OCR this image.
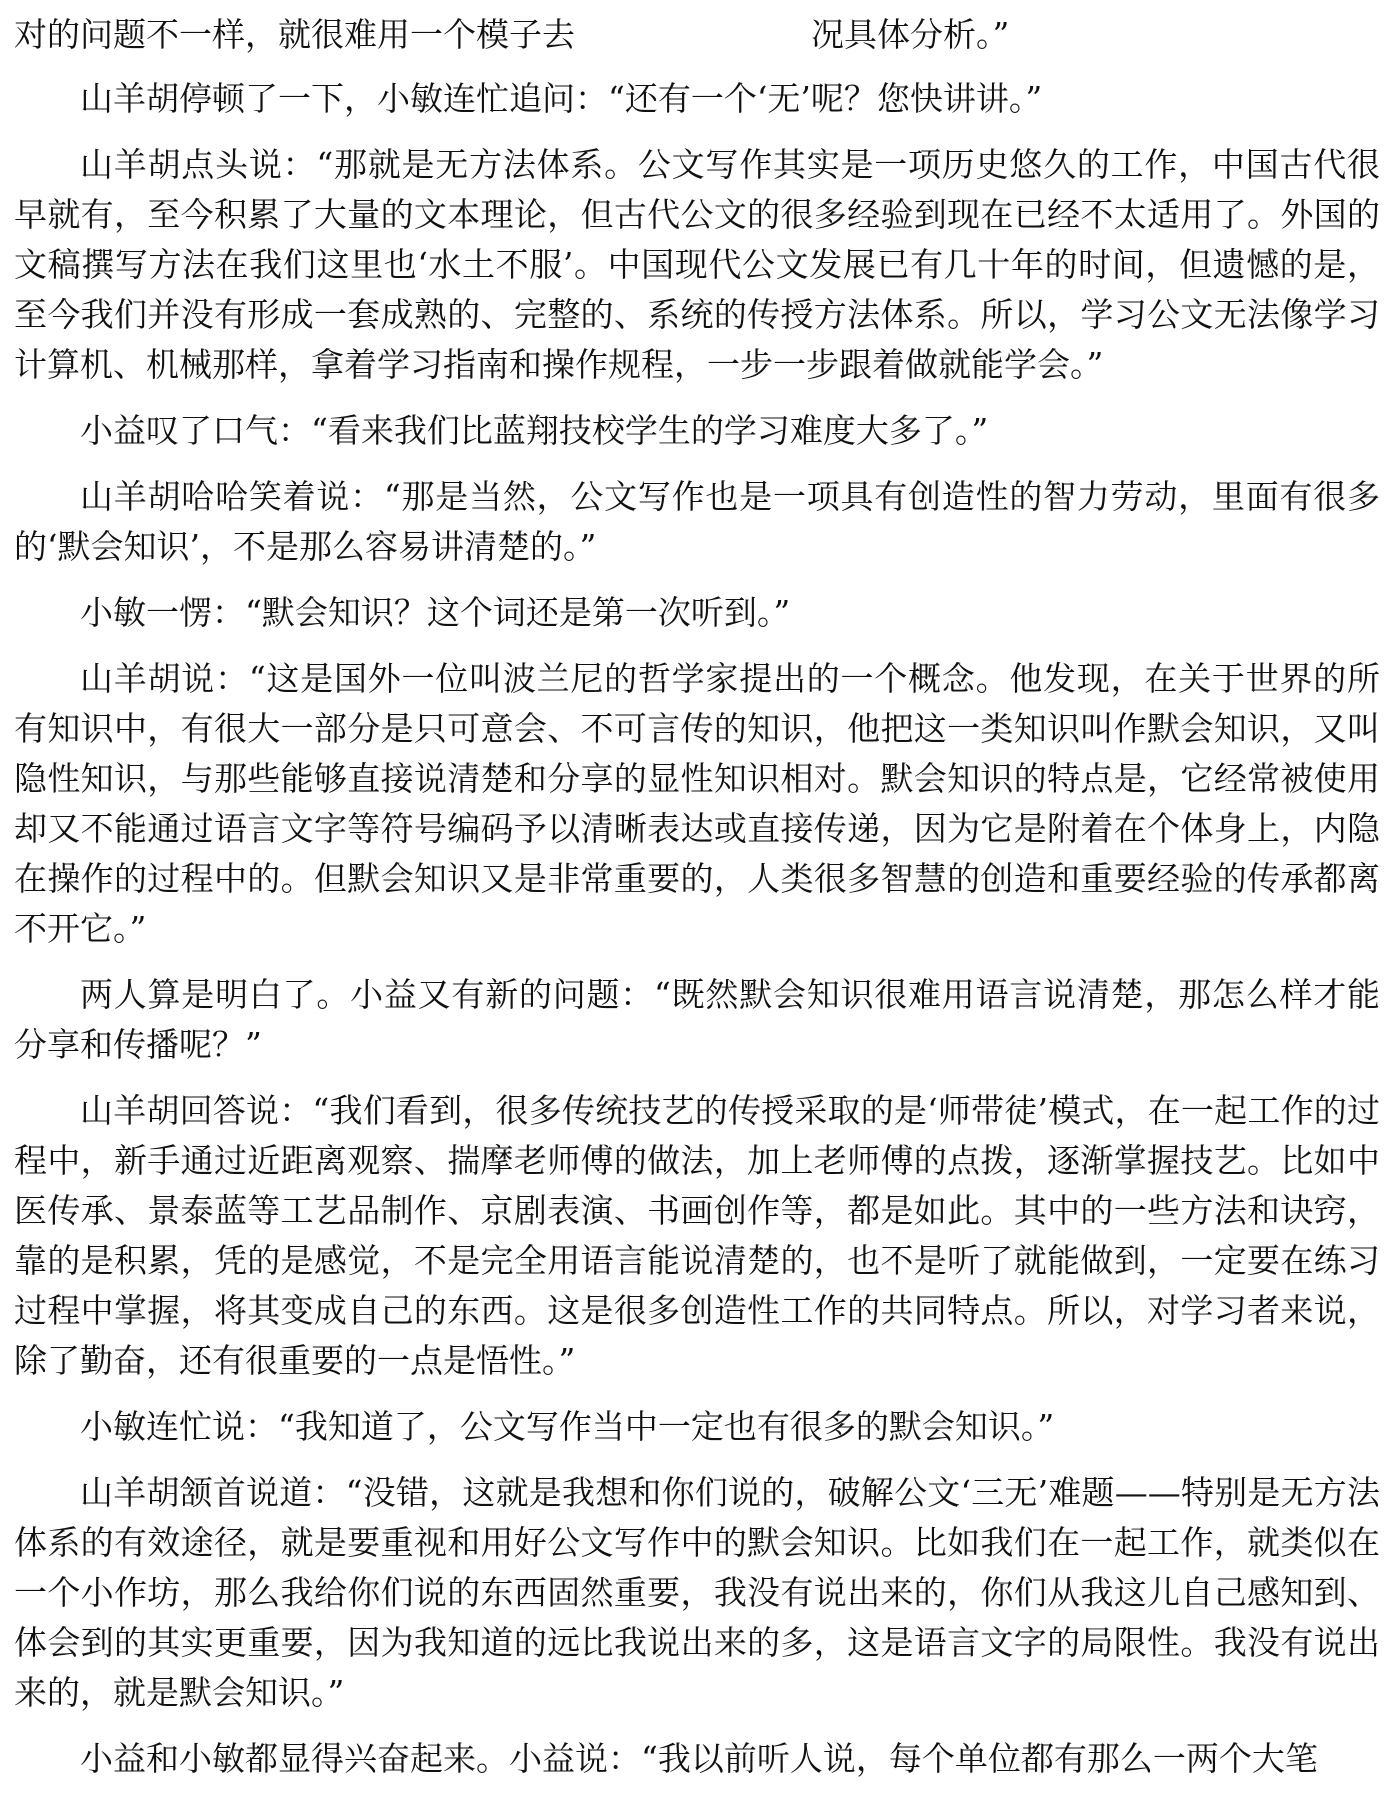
对的问题不一样，就很难用一个模子去	况具体分析。”

山羊胡停顿了一下，小敏连忙追问：“还有一个‘无’呢？您快讲讲。”

山羊胡点头说：“那就是无方法体系。公文写作其实是一项历史悠久的工作，中国古代很早就有，至今积累了大量的文本理论，但古代公文的很多经验到现在已经不太适用了。外国的文稿撰写方法在我们这里也‘水土不服’。中国现代公文发展已有几十年的时间，但遗憾的是，至今我们并没有形成一套成熟的、完整的、系统的传授方法体系。所以，学习公文无法像学习计算机、机械那样，拿着学习指南和操作规程，一步一步跟着做就能学会。”

小益叹了口气：“看来我们比蓝翔技校学生的学习难度大多了。”

山羊胡哈哈笑着说：“那是当然，公文写作也是一项具有创造性的智力劳动，里面有很多的‘默会知识’，不是那么容易讲清楚的。”

小敏一愣：“默会知识？这个词还是第一次听到。”

山羊胡说：“这是国外一位叫波兰尼的哲学家提出的一个概念。他发现，在关于世界的所有知识中，有很大一部分是只可意会、不可言传的知识，他把这一类知识叫作默会知识，又叫隐性知识，与那些能够直接说清楚和分享的显性知识相对。默会知识的特点是，它经常被使用却又不能通过语言文字等符号编码予以清晰表达或直接传递，因为它是附着在个体身上，内隐在操作的过程中的。但默会知识又是非常重要的，人类很多智慧的创造和重要经验的传承都离不开它。”

两人算是明白了。小益又有新的问题：“既然默会知识很难用语言说清楚，那怎么样才能分享和传播呢？”

山羊胡回答说：“我们看到，很多传统技艺的传授采取的是‘师带徒’模式，在一起工作的过程中，新手通过近距离观察、揣摩老师傅的做法，加上老师傅的点拨，逐渐掌握技艺。比如中医传承、景泰蓝等工艺品制作、京剧表演、书画创作等，都是如此。其中的一些方法和诀窍，靠的是积累，凭的是感觉，不是完全用语言能说清楚的，也不是听了就能做到，一定要在练习过程中掌握，将其变成自己的东西。这是很多创造性工作的共同特点。所以，对学习者来说，除了勤奋，还有很重要的一点是悟性。”

小敏连忙说：“我知道了，公文写作当中一定也有很多的默会知识。”

山羊胡颔首说道：“没错，这就是我想和你们说的，破解公文‘三无’难题——特别是无方法体系的有效途径，就是要重视和用好公文写作中的默会知识。比如我们在一起工作，就类似在一个小作坊，那么我给你们说的东西固然重要，我没有说出来的，你们从我这儿自己感知到、体会到的其实更重要，因为我知道的远比我说出来的多，这是语言文字的局限性。我没有说出来的，就是默会知识。”

小益和小敏都显得兴奋起来。小益说：“我以前听人说，每个单位都有那么一两个大笔
